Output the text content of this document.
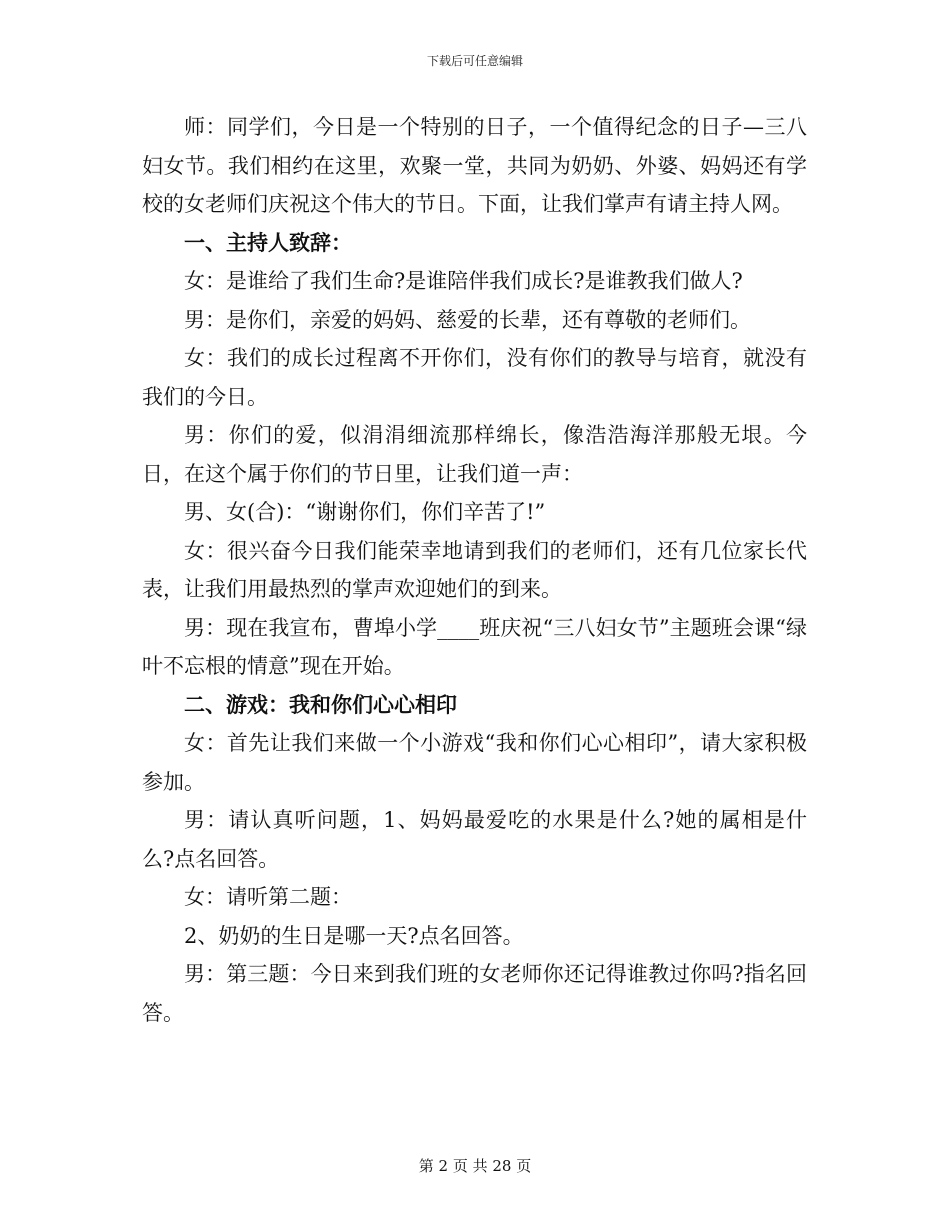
下载后可任意编辑

师：同学们，今日是一个特别的日子，一个值得纪念的日子—三八妇女节。我们相约在这里，欢聚一堂，共同为奶奶、外婆、妈妈还有学校的女老师们庆祝这个伟大的节日。下面，让我们掌声有请主持人网。

一、主持人致辞：

女：是谁给了我们生命?是谁陪伴我们成长?是谁教我们做人?

男：是你们，亲爱的妈妈、慈爱的长辈，还有尊敬的老师们。

女：我们的成长过程离不开你们，没有你们的教导与培育，就没有我们的今日。

男：你们的爱，似涓涓细流那样绵长，像浩浩海洋那般无垠。今日，在这个属于你们的节日里，让我们道一声：

男、女(合)：“谢谢你们，你们辛苦了!”

女：很兴奋今日我们能荣幸地请到我们的老师们，还有几位家长代表，让我们用最热烈的掌声欢迎她们的到来。

男：现在我宣布，曹埠小学____班庆祝“三八妇女节”主题班会课“绿叶不忘根的情意”现在开始。

二、游戏：我和你们心心相印

女：首先让我们来做一个小游戏“我和你们心心相印”，请大家积极参加。

男：请认真听问题，1、妈妈最爱吃的水果是什么?她的属相是什么?点名回答。

女：请听第二题：

2、奶奶的生日是哪一天?点名回答。

男：第三题：今日来到我们班的女老师你还记得谁教过你吗?指名回答。

第 2 页 共 28 页
